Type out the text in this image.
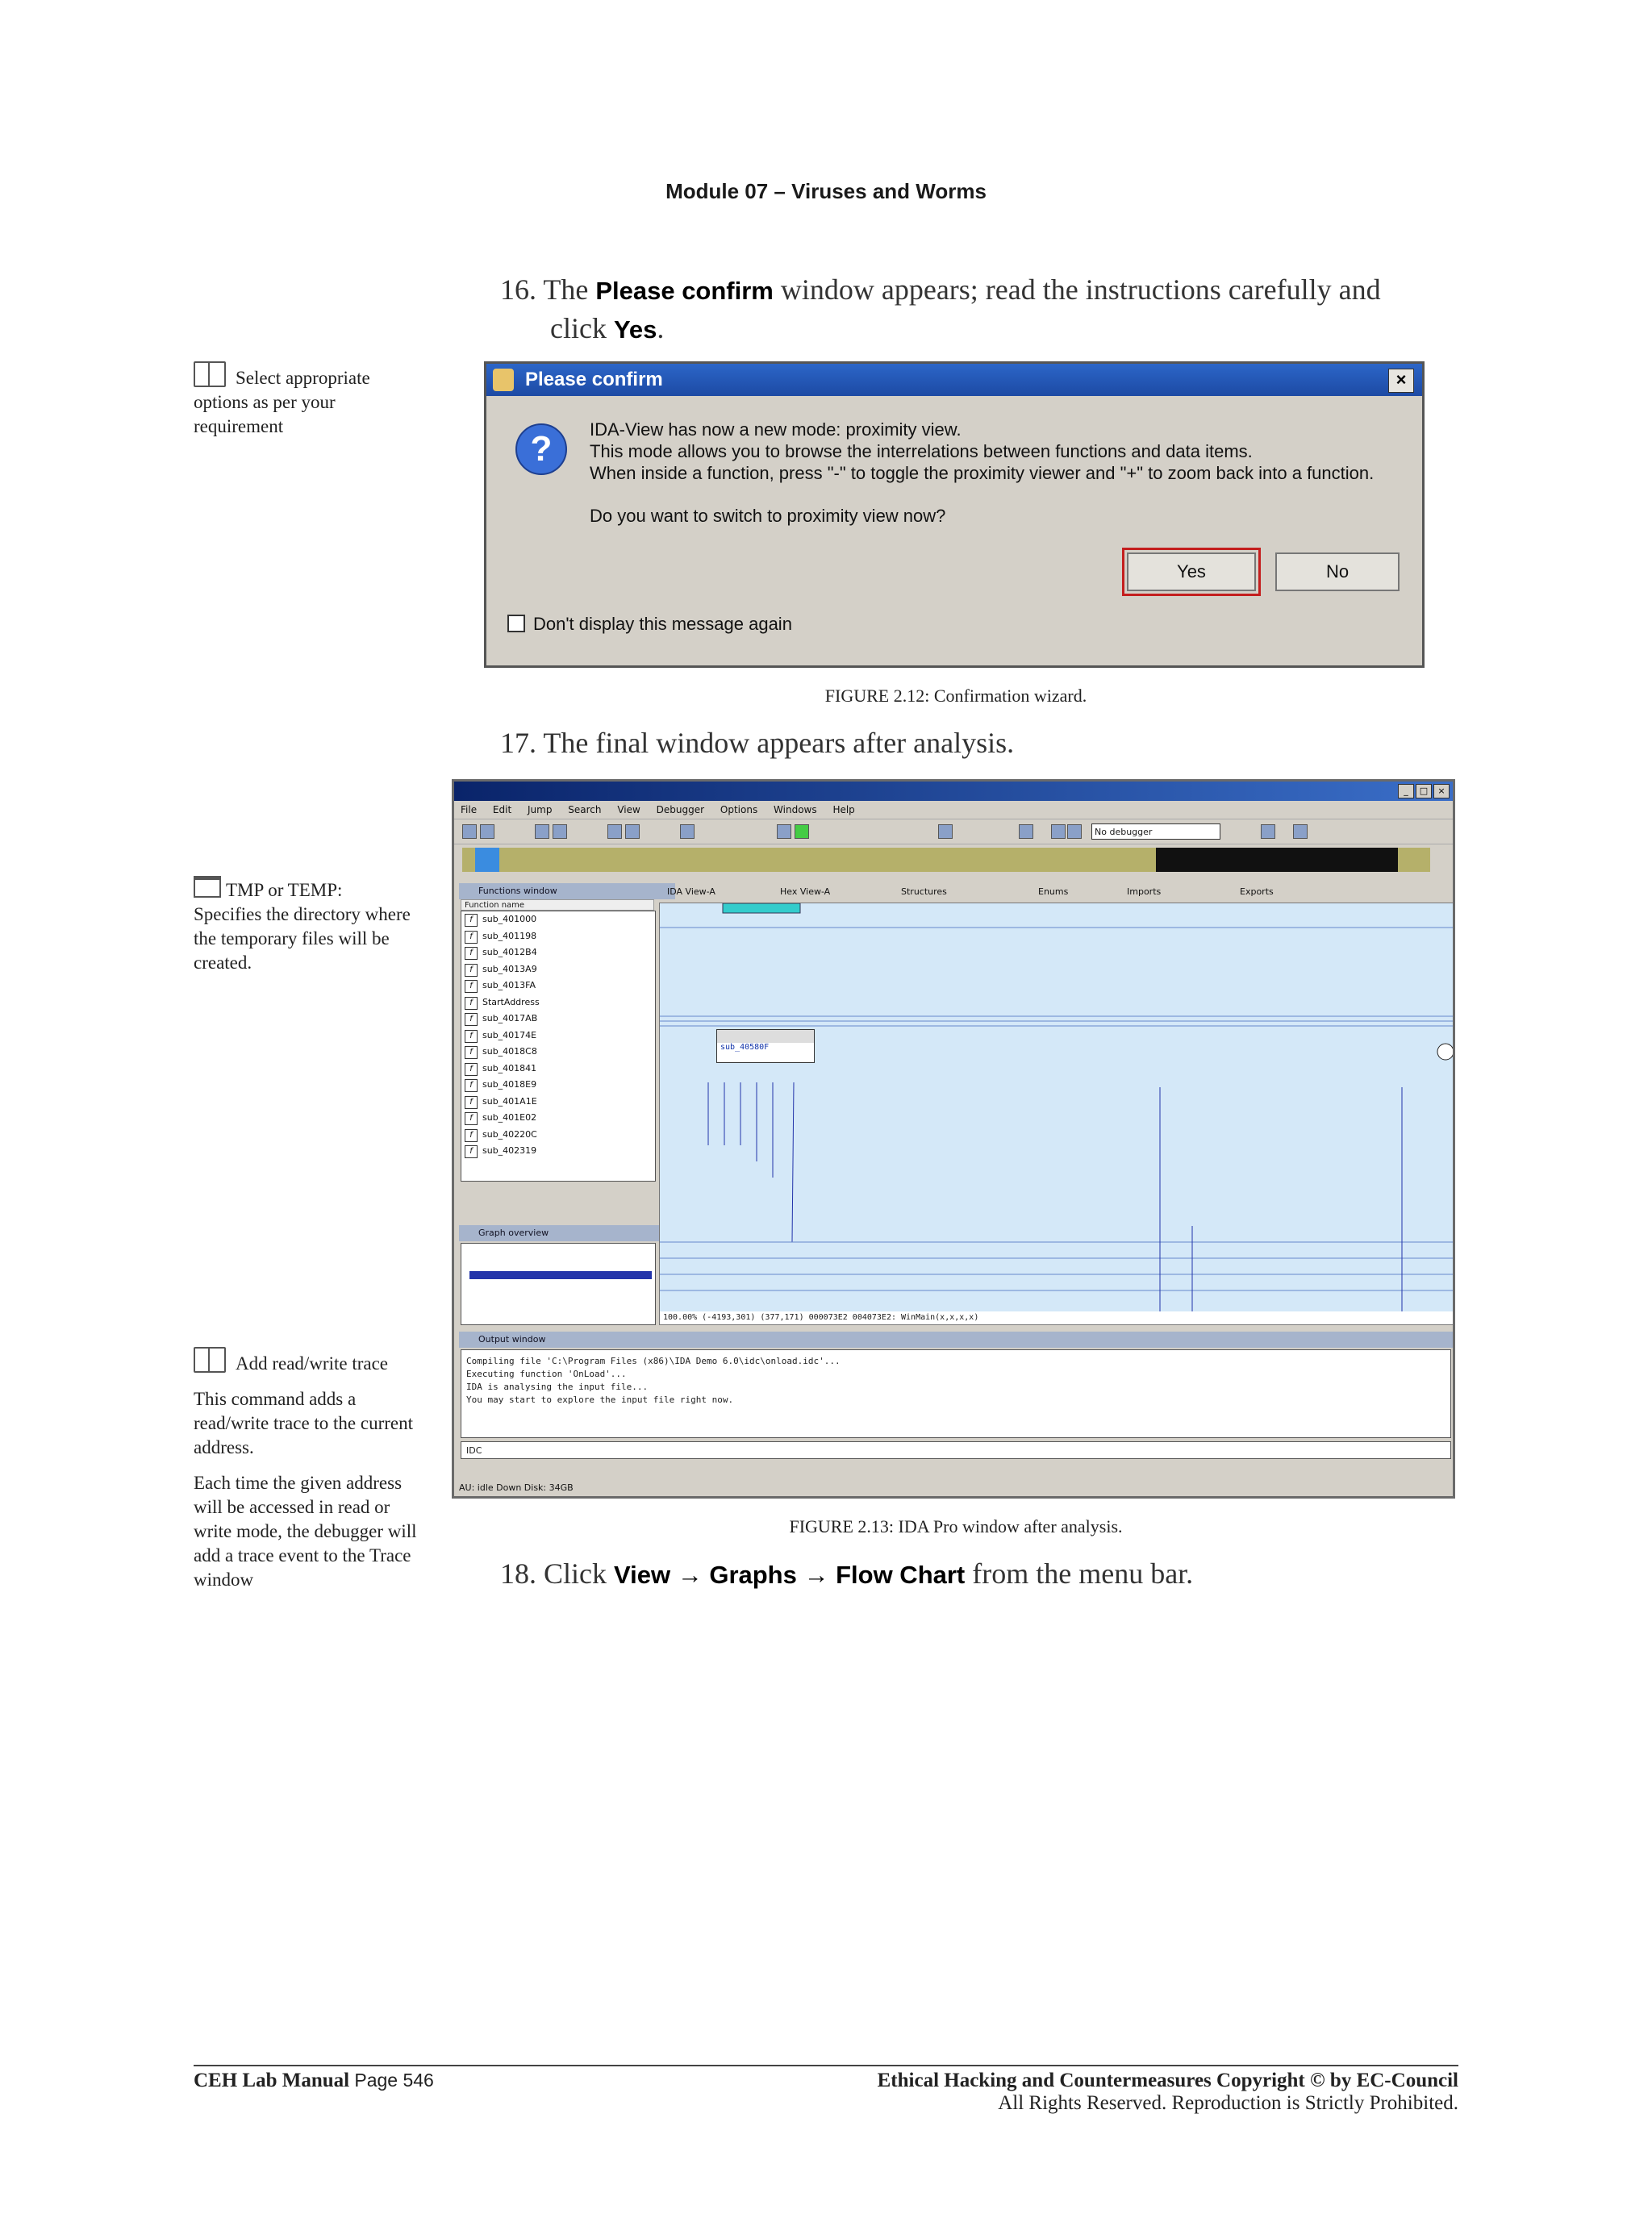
Module 07 – Viruses and Worms
16. The Please confirm window appears; read the instructions carefully and
click Yes.
Select appropriate options as per your requirement
Please confirm	×
?	IDA-View has now a new mode: proximity view.
This mode allows you to browse the interrelations between functions and data items.
When inside a function, press "-" to toggle the proximity viewer and "+" to zoom back into a function.
Do you want to switch to proximity view now?
Yes	No
Don't display this message again
FIGURE 2.12: Confirmation wizard.
17. The final window appears after analysis.
TMP or TEMP:
Specifies the directory where the temporary files will be created.
_	□	×
File Edit Jump Search View Debugger Options Windows Help
No debugger
Functions window
Function name
f	sub_401000
f	sub_401198
f	sub_4012B4
f	sub_4013A9
f	sub_4013FA
f	StartAddress
f	sub_4017AB
f	sub_40174E
f	sub_4018C8
f	sub_401841
f	sub_4018E9
f	sub_401A1E
f	sub_401E02
f	sub_40220C
f	sub_402319
Graph overview
IDA View-A	Hex View-A	Structures	Enums	Imports	Exports
sub_40580F
100.00% (-4193,301) (377,171) 000073E2 004073E2: WinMain(x,x,x,x)
Output window
Compiling file 'C:\Program Files (x86)\IDA Demo 6.0\idc\onload.idc'...
Executing function 'OnLoad'...
IDA is analysing the input file...
You may start to explore the input file right now.
IDC
AU: idle Down Disk: 34GB
Add read/write trace
This command adds a read/write trace to the current address.
Each time the given address will be accessed in read or write mode, the debugger will add a trace event to the Trace window
FIGURE 2.13: IDA Pro window after analysis.
18. Click View → Graphs → Flow Chart from the menu bar.
CEH Lab Manual Page 546	Ethical Hacking and Countermeasures Copyright © by EC-Council
All Rights Reserved. Reproduction is Strictly Prohibited.
